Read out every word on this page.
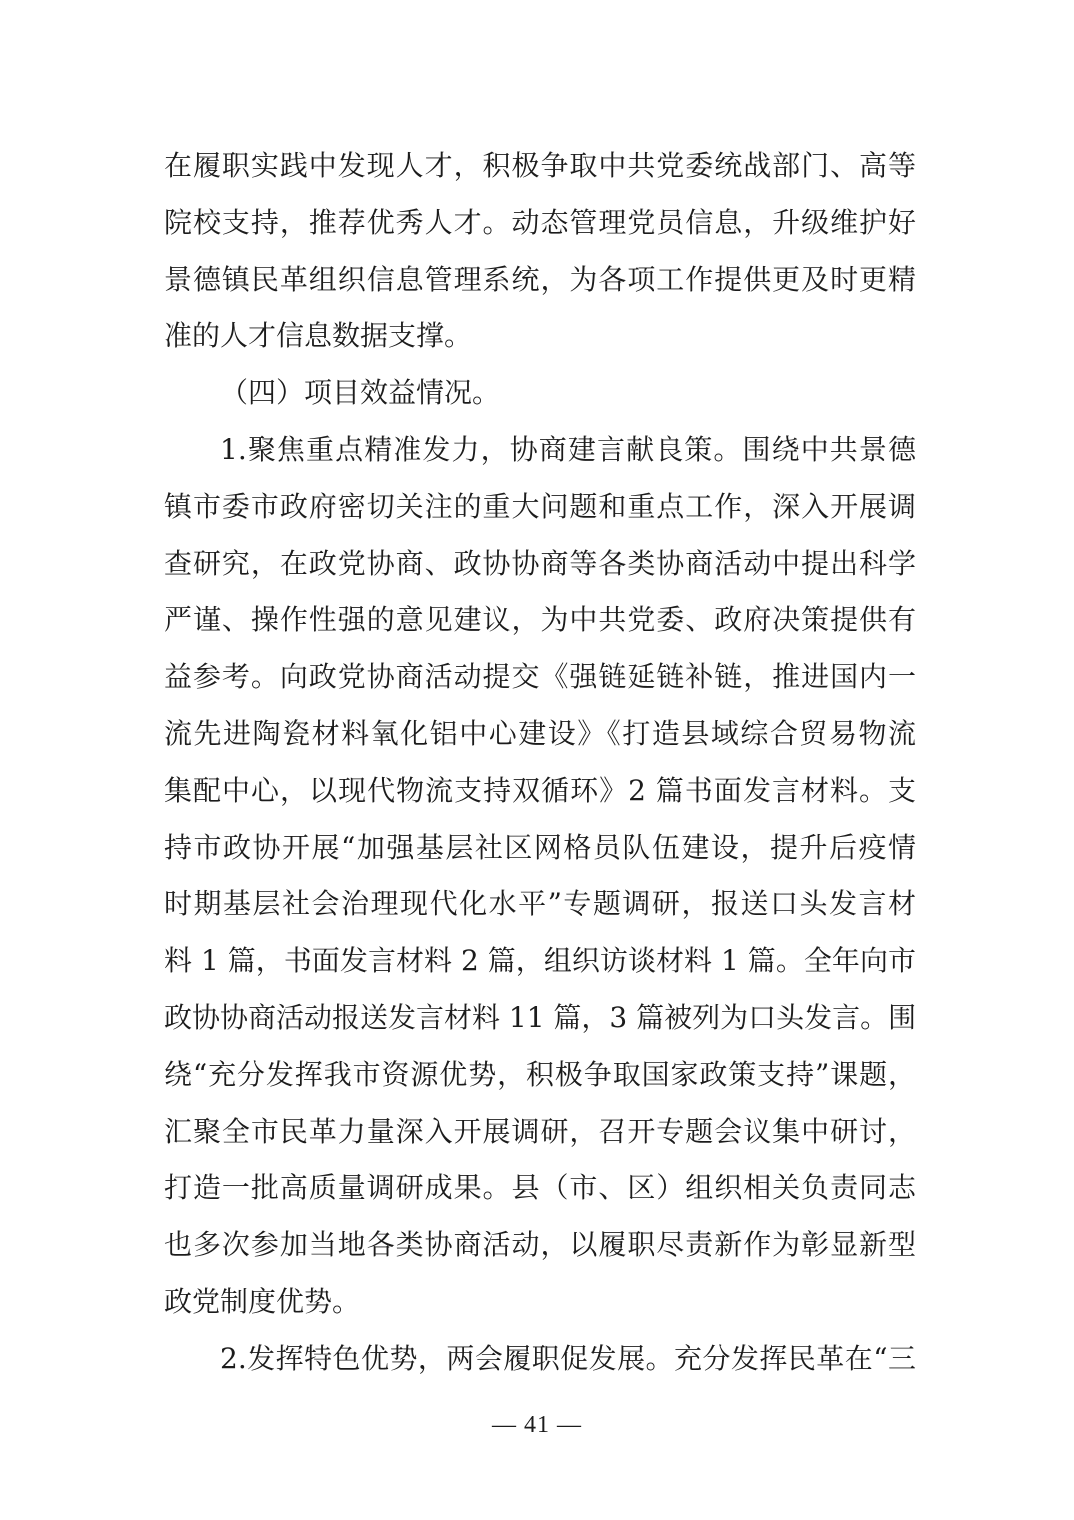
在履职实践中发现人才，积极争取中共党委统战部门、高等
院校支持，推荐优秀人才。动态管理党员信息，升级维护好
景德镇民革组织信息管理系统，为各项工作提供更及时更精
准的人才信息数据支撑。
（四）项目效益情况。
1.聚焦重点精准发力，协商建言献良策。围绕中共景德
镇市委市政府密切关注的重大问题和重点工作，深入开展调
查研究，在政党协商、政协协商等各类协商活动中提出科学
严谨、操作性强的意见建议，为中共党委、政府决策提供有
益参考。向政党协商活动提交《强链延链补链，推进国内一
流先进陶瓷材料氧化铝中心建设》《打造县域综合贸易物流
集配中心，以现代物流支持双循环》2 篇书面发言材料。支
持市政协开展“加强基层社区网格员队伍建设，提升后疫情
时期基层社会治理现代化水平”专题调研，报送口头发言材
料 1 篇，书面发言材料 2 篇，组织访谈材料 1 篇。全年向市
政协协商活动报送发言材料 11 篇，3 篇被列为口头发言。围
绕“充分发挥我市资源优势，积极争取国家政策支持”课题，
汇聚全市民革力量深入开展调研，召开专题会议集中研讨，
打造一批高质量调研成果。县（市、区）组织相关负责同志
也多次参加当地各类协商活动，以履职尽责新作为彰显新型
政党制度优势。
2.发挥特色优势，两会履职促发展。充分发挥民革在“三
— 41 —
